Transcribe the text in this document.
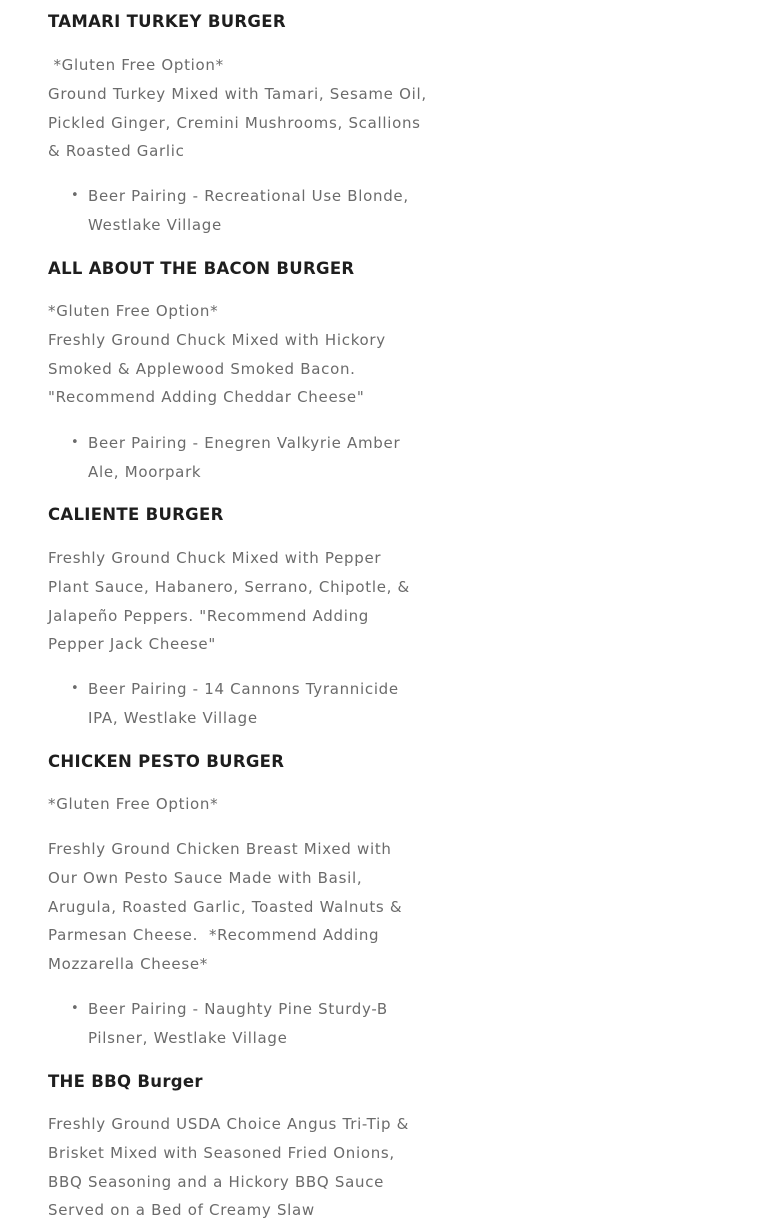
TAMARI TURKEY BURGER
*Gluten Free Option*
Ground Turkey Mixed with Tamari, Sesame Oil,
Pickled Ginger, Cremini Mushrooms, Scallions
& Roasted Garlic
• Beer Pairing - Recreational Use Blonde,
Westlake Village
ALL ABOUT THE BACON BURGER
*Gluten Free Option*
Freshly Ground Chuck Mixed with Hickory
Smoked & Applewood Smoked Bacon.
"Recommend Adding Cheddar Cheese"
• Beer Pairing - Enegren Valkyrie Amber
Ale, Moorpark
CALIENTE BURGER
Freshly Ground Chuck Mixed with Pepper
Plant Sauce, Habanero, Serrano, Chipotle, &
Jalapeño Peppers. "Recommend Adding
Pepper Jack Cheese"
• Beer Pairing - 14 Cannons Tyrannicide
IPA, Westlake Village
CHICKEN PESTO BURGER
*Gluten Free Option*
Freshly Ground Chicken Breast Mixed with
Our Own Pesto Sauce Made with Basil,
Arugula, Roasted Garlic, Toasted Walnuts &
Parmesan Cheese.  *Recommend Adding
Mozzarella Cheese*
• Beer Pairing - Naughty Pine Sturdy-B
Pilsner, Westlake Village
THE BBQ Burger
Freshly Ground USDA Choice Angus Tri-Tip &
Brisket Mixed with Seasoned Fried Onions,
BBQ Seasoning and a Hickory BBQ Sauce
Served on a Bed of Creamy Slaw
